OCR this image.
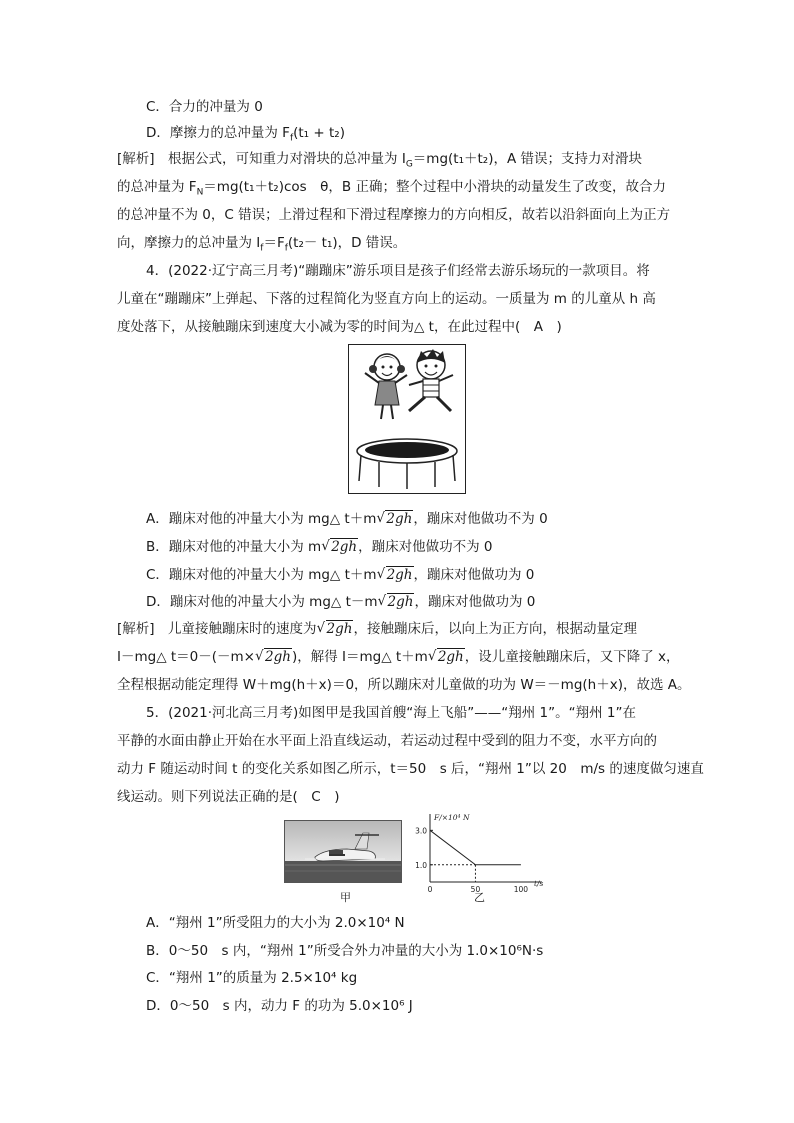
C．合力的冲量为 0
D．摩擦力的总冲量为 $F_f(t_1 + t_2)$
[解析]　根据公式，可知重力对滑块的总冲量为 $I_G=mg(t_1+t_2)$，A 错误；支持力对滑块
的总冲量为 $F_N=mg(t_1+t_2)\cos$　θ，B 正确；整个过程中小滑块的动量发生了改变，故合力
的总冲量不为 0，C 错误；上滑过程和下滑过程摩擦力的方向相反，故若以沿斜面向上为正方
向，摩擦力的总冲量为 $I_f=F_f(t_2- t_1)$，D 错误。
4．(2022·辽宁高三月考)“蹦蹦床”游乐项目是孩子们经常去游乐场玩的一款项目。将
儿童在“蹦蹦床”上弹起、下落的过程简化为竖直方向上的运动。一质量为 m 的儿童从 h 高
度处落下，从接触蹦床到速度大小减为零的时间为△ t，在此过程中(　A　)
A．蹦床对他的冲量大小为 mg△ t＋m √ 2gh，蹦床对他做功不为 0
B．蹦床对他的冲量大小为 m √ 2gh，蹦床对他做功不为 0
C．蹦床对他的冲量大小为 mg△ t＋m √ 2gh，蹦床对他做功为 0
D．蹦床对他的冲量大小为 mg△ t－m √ 2gh，蹦床对他做功为 0
[解析]　儿童接触蹦床时的速度为 √ 2gh，接触蹦床后，以向上为正方向，根据动量定理
I－mg△ t＝0－(－m× √ 2gh)，解得 I＝mg△ t＋m √ 2gh，设儿童接触蹦床后，又下降了 x，
全程根据动能定理得 W＋mg(h＋x)＝0，所以蹦床对儿童做的功为 W＝－mg(h＋x)，故选 A。
5．(2021·河北高三月考)如图甲是我国首艘“海上飞船”——“翔州 1”。“翔州 1”在
平静的水面由静止开始在水平面上沿直线运动，若运动过程中受到的阻力不变，水平方向的
动力 F 随运动时间 t 的变化关系如图乙所示，t＝50　s 后，“翔州 1”以 20　m/s 的速度做匀速直
线运动。则下列说法正确的是(　C　)
甲
F/×10⁴ N
t/s
3.0
1.0
0	50	100
乙
A．“翔州 1”所受阻力的大小为 2.0×10⁴ N
B．0～50　s 内，“翔州 1”所受合外力冲量的大小为 1.0×10⁶N·s
C．“翔州 1”的质量为 2.5×10⁴ kg
D．0～50　s 内，动力 F 的功为 5.0×10⁶ J
